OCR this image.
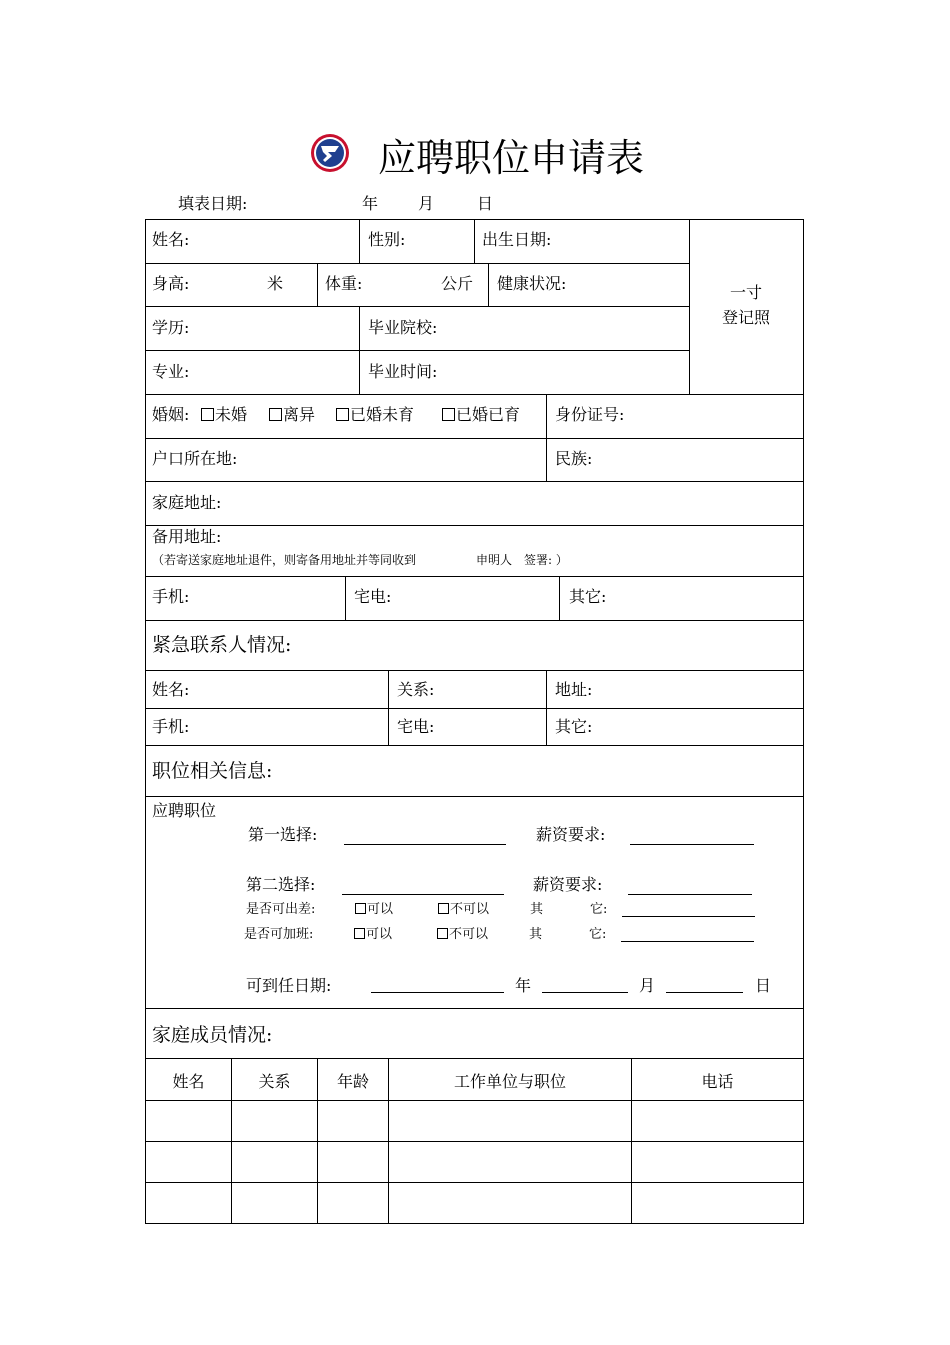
应聘职位申请表
填表日期:	年 月	日
姓名:	性别:	出生日期:
身高:	米	体重:	公斤 健康状况:
学历:	毕业院校:
专业:	毕业时间:
一寸
登记照
婚姻:	未婚	离异	已婚未育	已婚已育 身份证号:
户口所在地:	民族:
家庭地址:
备用地址:
（若寄送家庭地址退件，则寄备用地址并等同收到	申明人　签署: ）
手机:	宅电:	其它:
紧急联系人情况:
姓名:	关系:	地址:
手机:	宅电:	其它:
职位相关信息:
应聘职位
第一选择:	薪资要求:
第二选择:	薪资要求:
是否可出差:	可以	不可以	其	它:
是否可加班:	可以	不可以	其	它:
可到任日期:	年	月	日
家庭成员情况:
姓名	关系	年龄	工作单位与职位	电话
